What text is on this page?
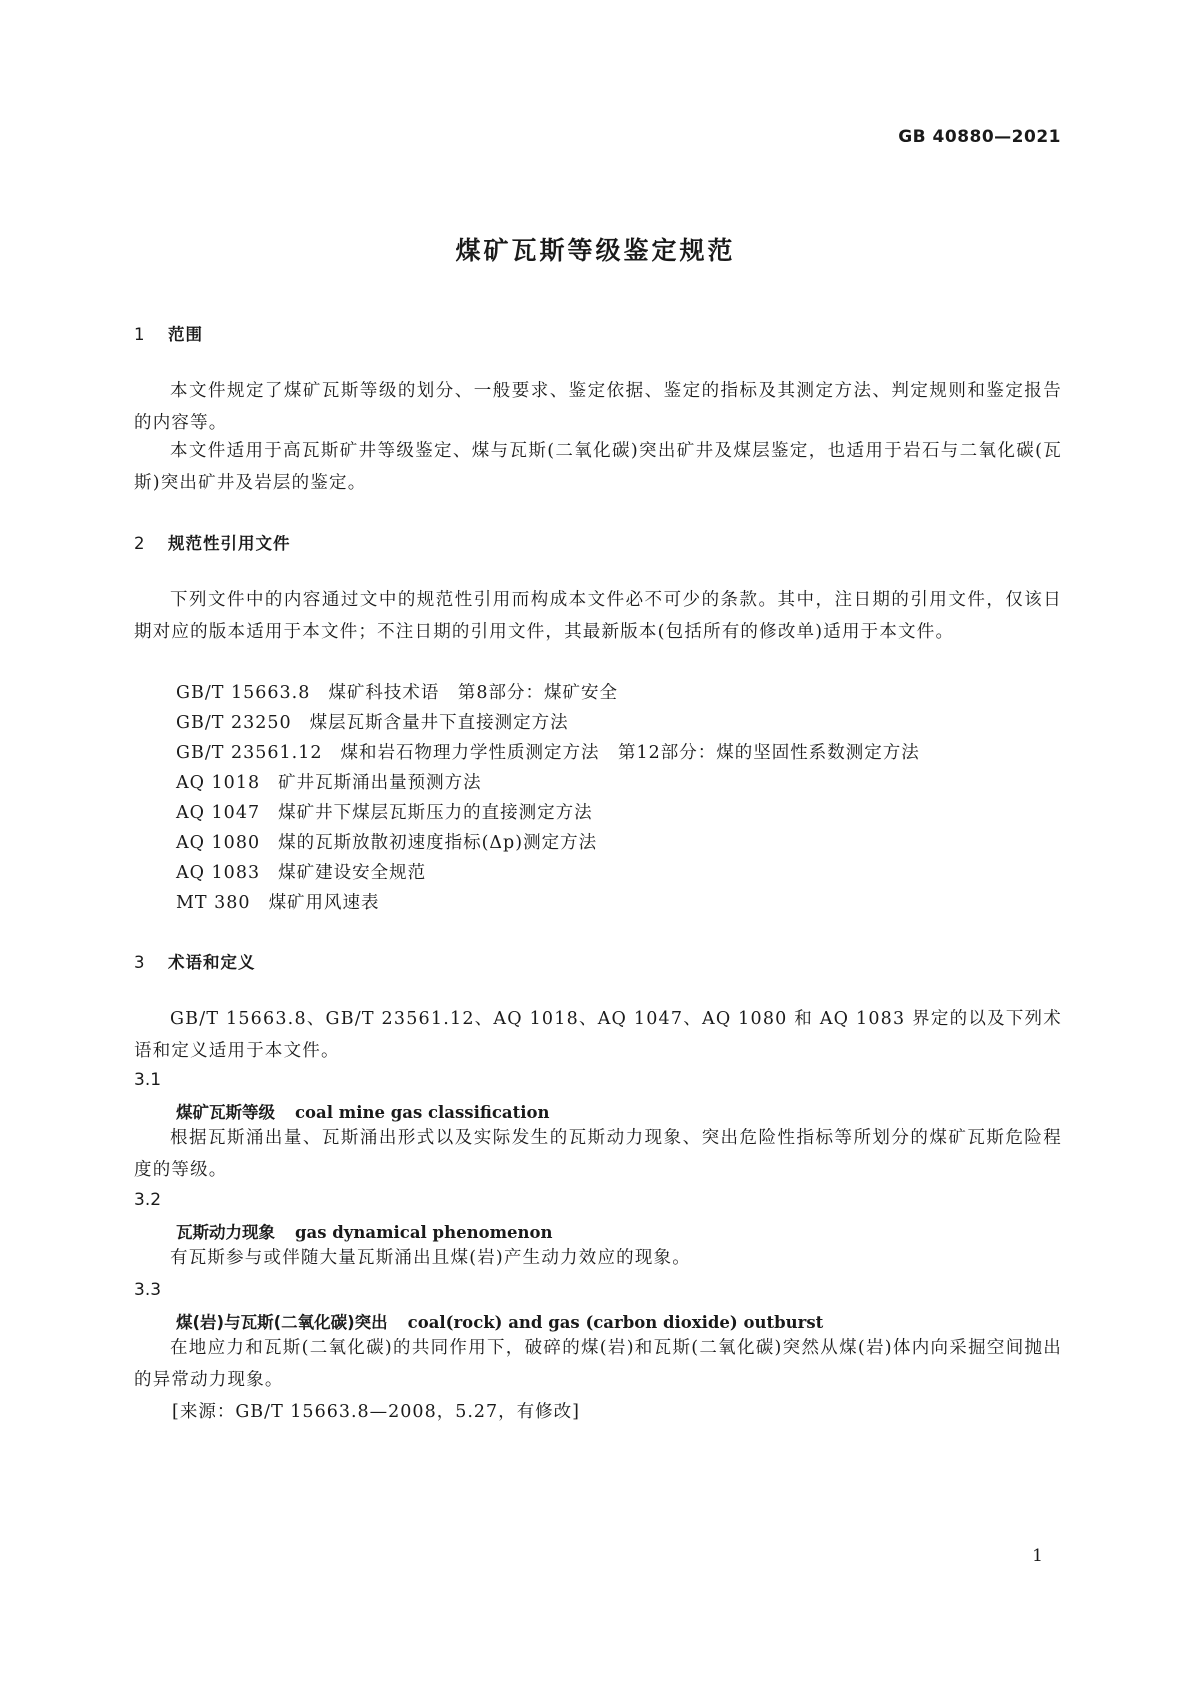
GB 40880—2021
煤矿瓦斯等级鉴定规范
1 范围
本文件规定了煤矿瓦斯等级的划分、一般要求、鉴定依据、鉴定的指标及其测定方法、判定规则和鉴定报告的内容等。
本文件适用于高瓦斯矿井等级鉴定、煤与瓦斯(二氧化碳)突出矿井及煤层鉴定，也适用于岩石与二氧化碳(瓦斯)突出矿井及岩层的鉴定。
2 规范性引用文件
下列文件中的内容通过文中的规范性引用而构成本文件必不可少的条款。其中，注日期的引用文件，仅该日期对应的版本适用于本文件；不注日期的引用文件，其最新版本(包括所有的修改单)适用于本文件。
GB/T 15663.8 煤矿科技术语　第8部分：煤矿安全
GB/T 23250 煤层瓦斯含量井下直接测定方法
GB/T 23561.12 煤和岩石物理力学性质测定方法　第12部分：煤的坚固性系数测定方法
AQ 1018 矿井瓦斯涌出量预测方法
AQ 1047 煤矿井下煤层瓦斯压力的直接测定方法
AQ 1080 煤的瓦斯放散初速度指标(Δp)测定方法
AQ 1083 煤矿建设安全规范
MT 380 煤矿用风速表
3 术语和定义
GB/T 15663.8、GB/T 23561.12、AQ 1018、AQ 1047、AQ 1080 和 AQ 1083 界定的以及下列术语和定义适用于本文件。
3.1
煤矿瓦斯等级 coal mine gas classification
根据瓦斯涌出量、瓦斯涌出形式以及实际发生的瓦斯动力现象、突出危险性指标等所划分的煤矿瓦斯危险程度的等级。
3.2
瓦斯动力现象 gas dynamical phenomenon
有瓦斯参与或伴随大量瓦斯涌出且煤(岩)产生动力效应的现象。
3.3
煤(岩)与瓦斯(二氧化碳)突出 coal(rock) and gas (carbon dioxide) outburst
在地应力和瓦斯(二氧化碳)的共同作用下，破碎的煤(岩)和瓦斯(二氧化碳)突然从煤(岩)体内向采掘空间抛出的异常动力现象。
[来源：GB/T 15663.8—2008，5.27，有修改]
1
